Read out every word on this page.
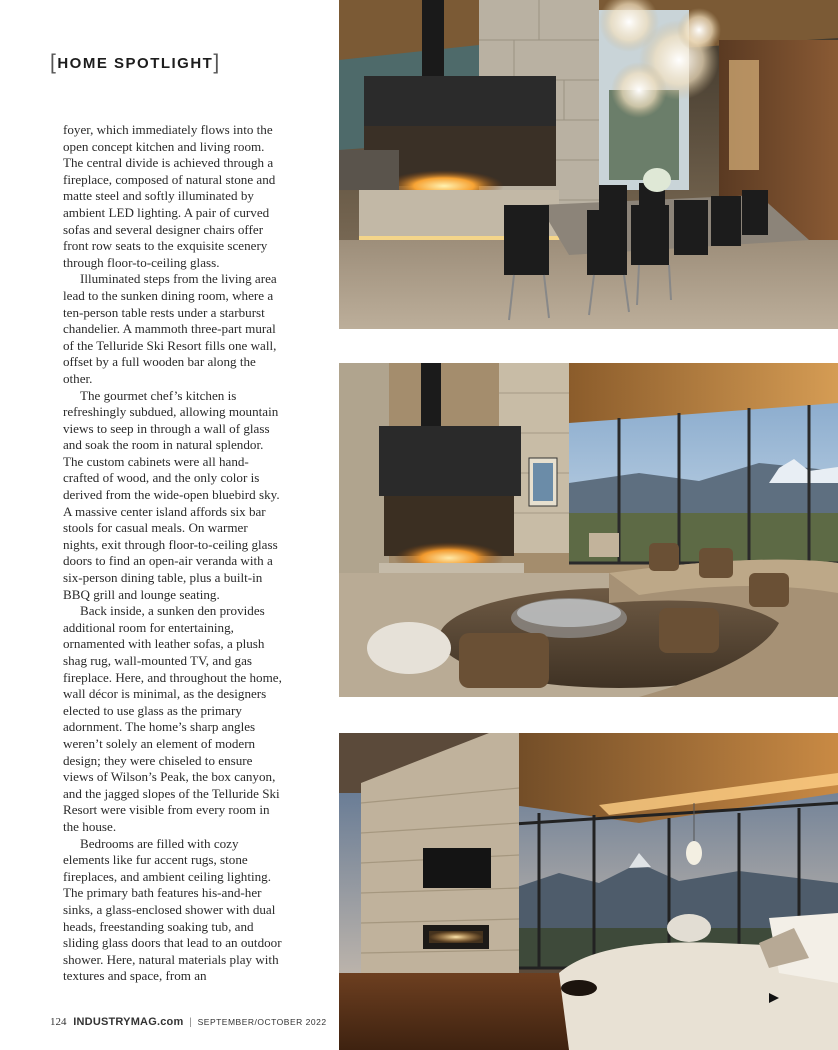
[HOME SPOTLIGHT]

foyer, which immediately flows into the open concept kitchen and living room. The central divide is achieved through a fireplace, composed of natural stone and matte steel and softly illuminated by ambient LED lighting. A pair of curved sofas and several designer chairs offer front row seats to the exquisite scenery through floor-to-ceiling glass.

Illuminated steps from the living area lead to the sunken dining room, where a ten-person table rests under a starburst chandelier. A mammoth three-part mural of the Telluride Ski Resort fills one wall, offset by a full wooden bar along the other.

The gourmet chef’s kitchen is refreshingly subdued, allowing mountain views to seep in through a wall of glass and soak the room in natural splendor. The custom cabinets were all hand-crafted of wood, and the only color is derived from the wide-open bluebird sky. A massive center island affords six bar stools for casual meals. On warmer nights, exit through floor-to-ceiling glass doors to find an open-air veranda with a six-person dining table, plus a built-in BBQ grill and lounge seating.

Back inside, a sunken den provides additional room for entertaining, ornamented with leather sofas, a plush shag rug, wall-mounted TV, and gas fireplace. Here, and throughout the home, wall décor is minimal, as the designers elected to use glass as the primary adornment. The home’s sharp angles weren’t solely an element of modern design; they were chiseled to ensure views of Wilson’s Peak, the box canyon, and the jagged slopes of the Telluride Ski Resort were visible from every room in the house.

Bedrooms are filled with cozy elements like fur accent rugs, stone fireplaces, and ambient ceiling lighting. The primary bath features his-and-her sinks, a glass-enclosed shower with dual heads, freestanding soaking tub, and sliding glass doors that lead to an outdoor shower. Here, natural materials play with textures and space, from an

124 INDUSTRYMAG.com | SEPTEMBER/OCTOBER 2022
